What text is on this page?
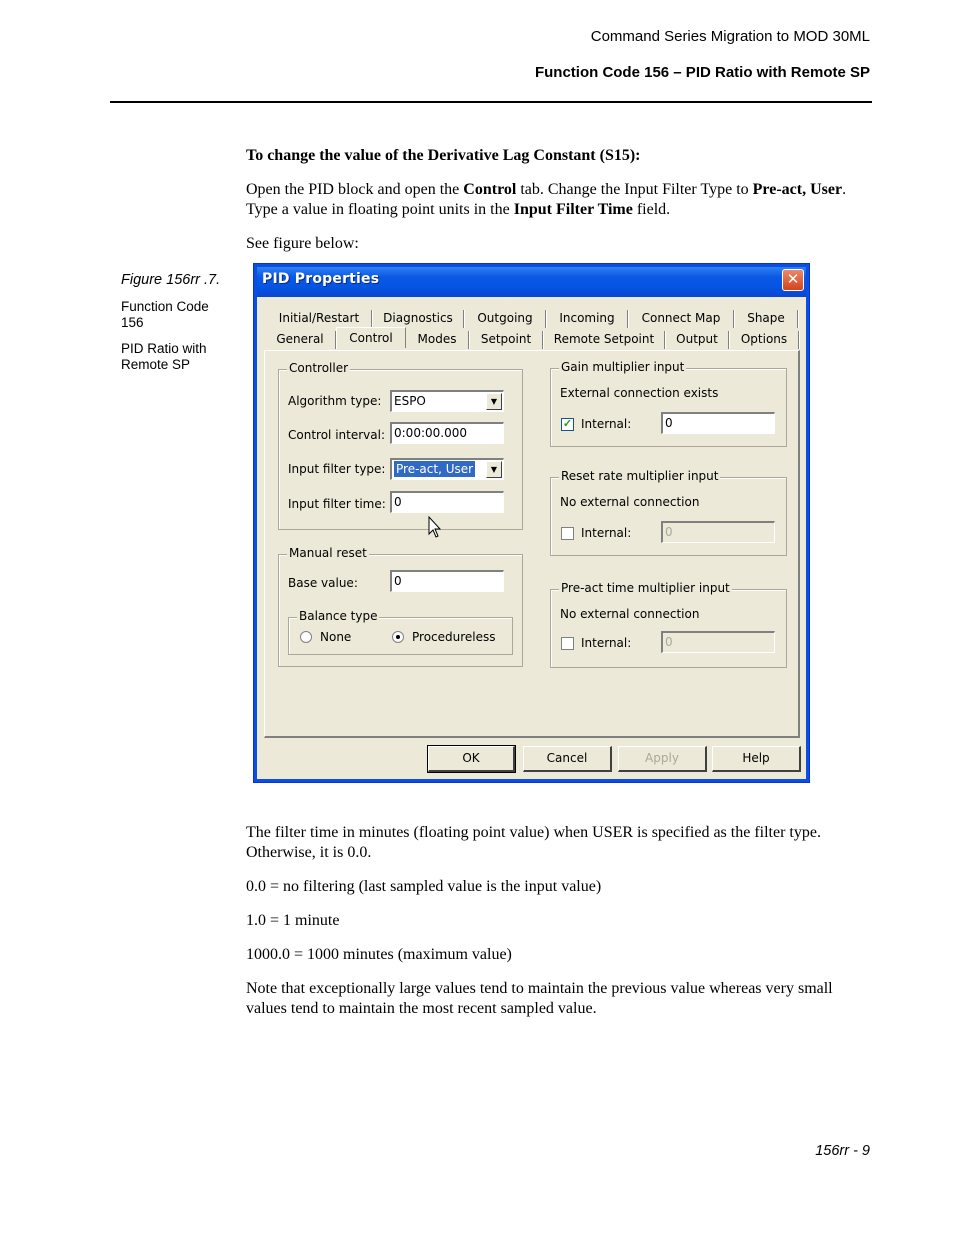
Command Series Migration to MOD 30ML
Function Code 156 – PID Ratio with Remote SP

To change the value of the Derivative Lag Constant (S15):

Open the PID block and open the Control tab. Change the Input Filter Type to Pre-act, User. Type a value in floating point units in the Input Filter Time field.

See figure below:

Figure 156rr .7.
Function Code 156
PID Ratio with Remote SP
PID Properties	✕
Initial/Restart	Diagnostics	Outgoing	Incoming	Connect Map	Shape
General	Control	Modes	Setpoint	Remote Setpoint	Output	Options
Controller
Algorithm type:	ESPO	▼
Control interval: 0:00:00.000
Input filter type: Pre-act, User	▼
Input filter time: 0
Manual reset
Base value:	0
Balance type
None	Procedureless
Gain multiplier input
External connection exists
✓ Internal:	0
Reset rate multiplier input
No external connection
Internal:	0
Pre-act time multiplier input
No external connection
Internal:	0
OK	Cancel	Apply	Help

The filter time in minutes (floating point value) when USER is specified as the filter type. Otherwise, it is 0.0.

0.0 = no filtering (last sampled value is the input value)

1.0 = 1 minute

1000.0 = 1000 minutes (maximum value)

Note that exceptionally large values tend to maintain the previous value whereas very small values tend to maintain the most recent sampled value.

156rr - 9
